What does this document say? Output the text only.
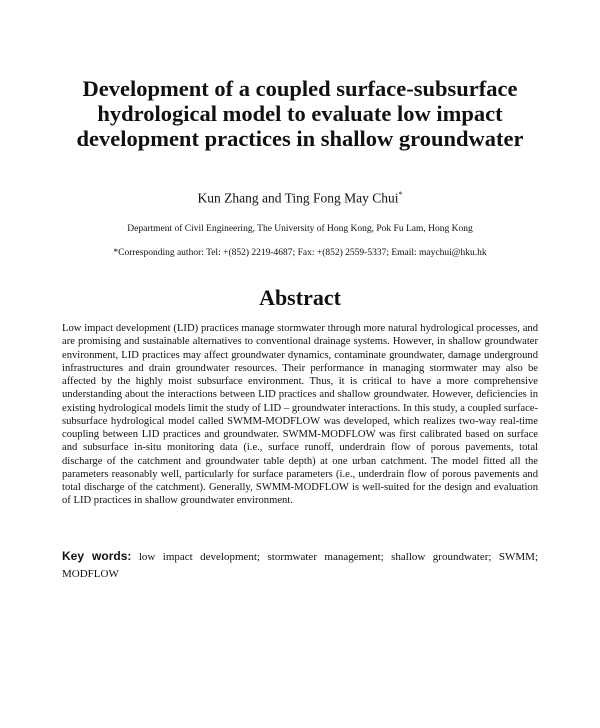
Development of a coupled surface-subsurface hydrological model to evaluate low impact development practices in shallow groundwater
Kun Zhang and Ting Fong May Chui*
Department of Civil Engineering, The University of Hong Kong, Pok Fu Lam, Hong Kong
*Corresponding author: Tel: +(852) 2219-4687; Fax: +(852) 2559-5337; Email: maychui@hku.hk
Abstract

Low impact development (LID) practices manage stormwater through more natural hydrological processes, and are promising and sustainable alternatives to conventional drainage systems. However, in shallow groundwater environment, LID practices may affect groundwater dynamics, contaminate groundwater, damage underground infrastructures and drain groundwater resources. Their performance in managing stormwater may also be affected by the highly moist subsurface environment. Thus, it is critical to have a more comprehensive understanding about the interactions between LID practices and shallow groundwater. However, deficiencies in existing hydrological models limit the study of LID – groundwater interactions. In this study, a coupled surface-subsurface hydrological model called SWMM-MODFLOW was developed, which realizes two-way real-time coupling between LID practices and groundwater. SWMM-MODFLOW was first calibrated based on surface and subsurface in-situ monitoring data (i.e., surface runoff, underdrain flow of porous pavements, total discharge of the catchment and groundwater table depth) at one urban catchment. The model fitted all the parameters reasonably well, particularly for surface parameters (i.e., underdrain flow of porous pavements and total discharge of the catchment). Generally, SWMM-MODFLOW is well-suited for the design and evaluation of LID practices in shallow groundwater environment.

Key words: low impact development; stormwater management; shallow groundwater; SWMM; MODFLOW
